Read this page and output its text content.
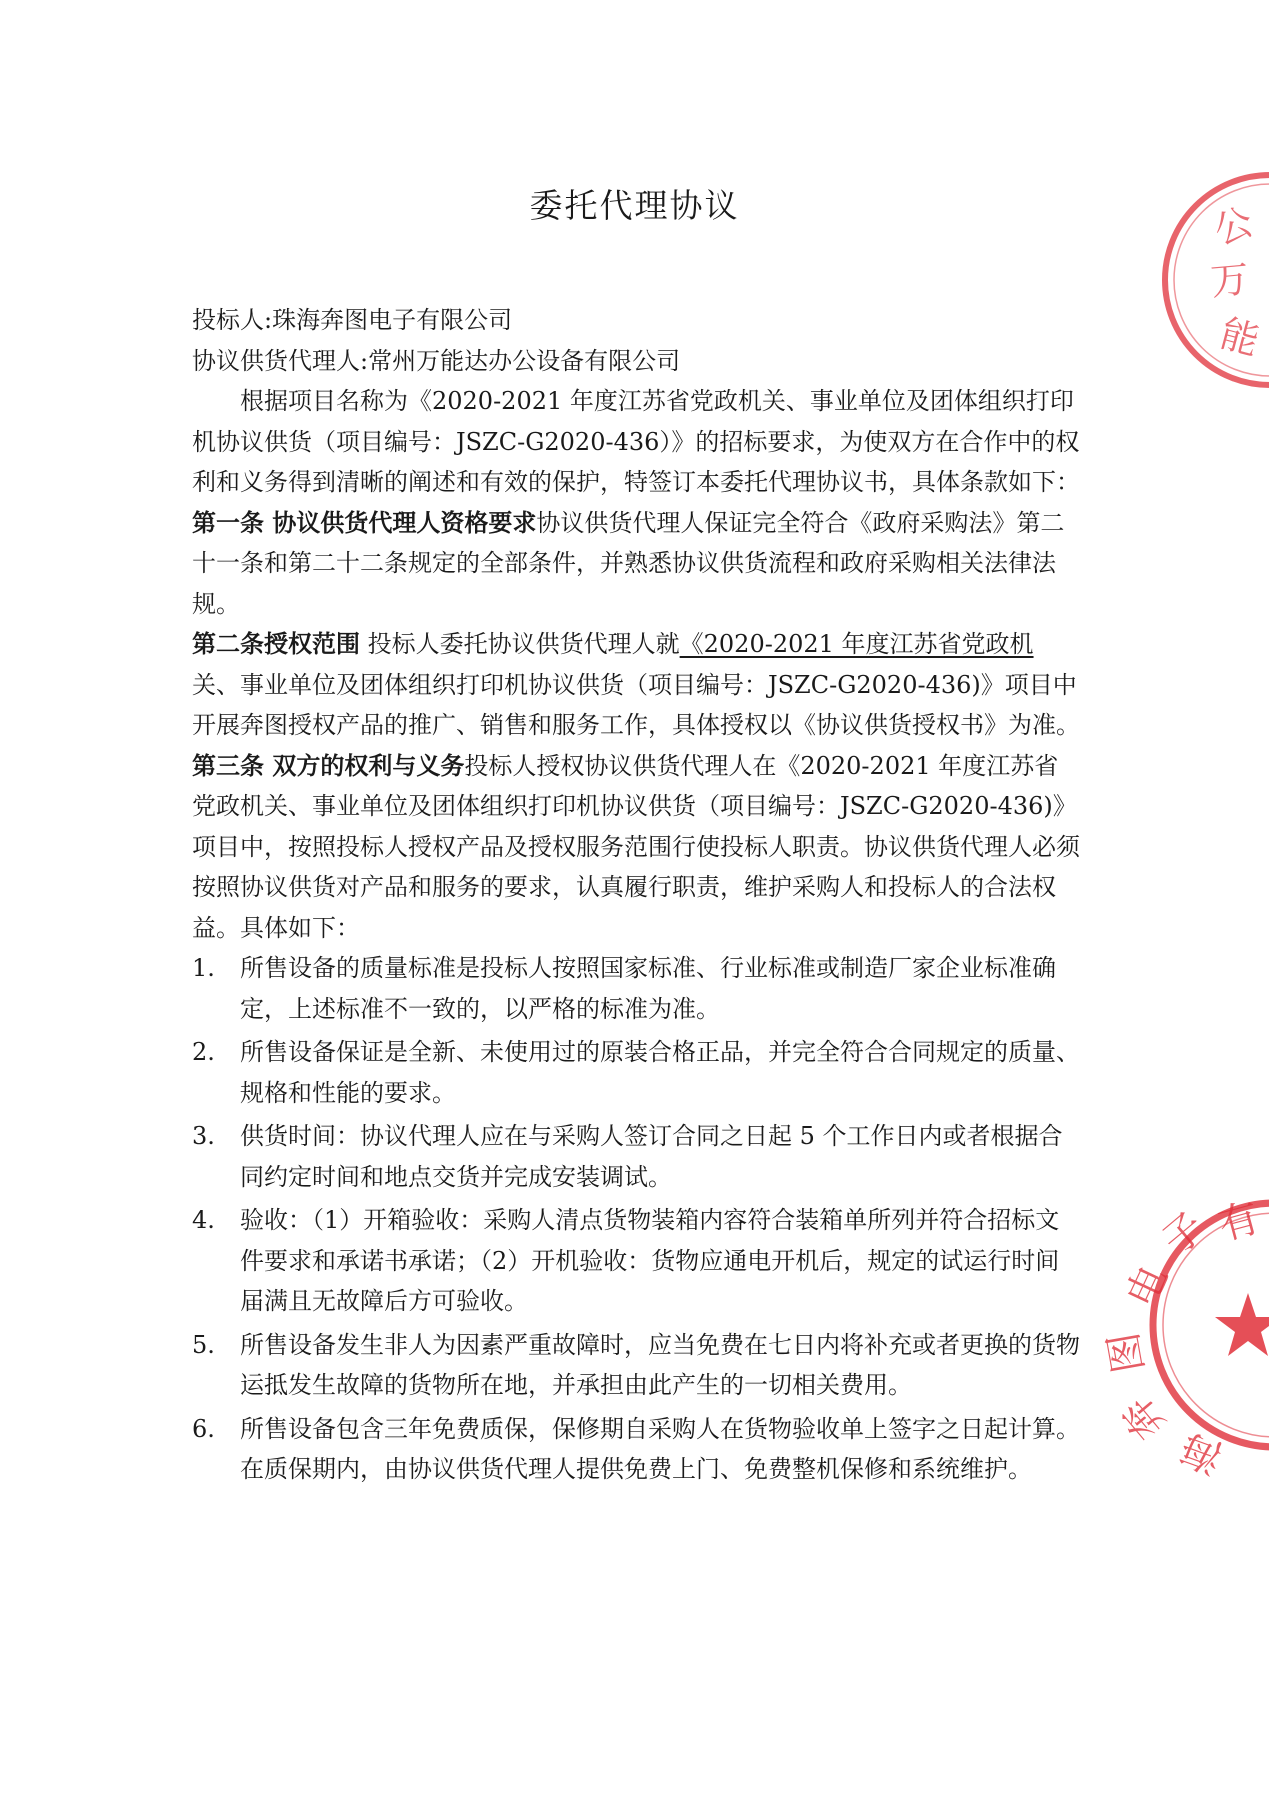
委托代理协议

投标人:珠海奔图电子有限公司

协议供货代理人:常州万能达办公设备有限公司

根据项目名称为《2020-2021 年度江苏省党政机关、事业单位及团体组织打印机协议供货（项目编号：JSZC-G2020-436）》的招标要求，为使双方在合作中的权利和义务得到清晰的阐述和有效的保护，特签订本委托代理协议书，具体条款如下：

第一条 协议供货代理人资格要求协议供货代理人保证完全符合《政府采购法》第二十一条和第二十二条规定的全部条件，并熟悉协议供货流程和政府采购相关法律法规。

第二条授权范围 投标人委托协议供货代理人就《2020-2021 年度江苏省党政机关、事业单位及团体组织打印机协议供货（项目编号：JSZC-G2020-436)》项目中开展奔图授权产品的推广、销售和服务工作，具体授权以《协议供货授权书》为准。

第三条 双方的权利与义务投标人授权协议供货代理人在《2020-2021 年度江苏省党政机关、事业单位及团体组织打印机协议供货（项目编号：JSZC-G2020-436)》项目中，按照投标人授权产品及授权服务范围行使投标人职责。协议供货代理人必须按照协议供货对产品和服务的要求，认真履行职责，维护采购人和投标人的合法权益。具体如下：

1.	所售设备的质量标准是投标人按照国家标准、行业标准或制造厂家企业标准确定，上述标准不一致的，以严格的标准为准。
2.	所售设备保证是全新、未使用过的原装合格正品，并完全符合合同规定的质量、规格和性能的要求。
3.	供货时间：协议代理人应在与采购人签订合同之日起 5 个工作日内或者根据合同约定时间和地点交货并完成安装调试。
4.	验收：（1）开箱验收：采购人清点货物装箱内容符合装箱单所列并符合招标文件要求和承诺书承诺；（2）开机验收：货物应通电开机后，规定的试运行时间届满且无故障后方可验收。
5.	所售设备发生非人为因素严重故障时，应当免费在七日内将补充或者更换的货物运抵发生故障的货物所在地，并承担由此产生的一切相关费用。
6.	所售设备包含三年免费质保，保修期自采购人在货物验收单上签字之日起计算。在质保期内，由协议供货代理人提供免费上门、免费整机保修和系统维护。
公
万
能
子 有
电
图
奔
海
